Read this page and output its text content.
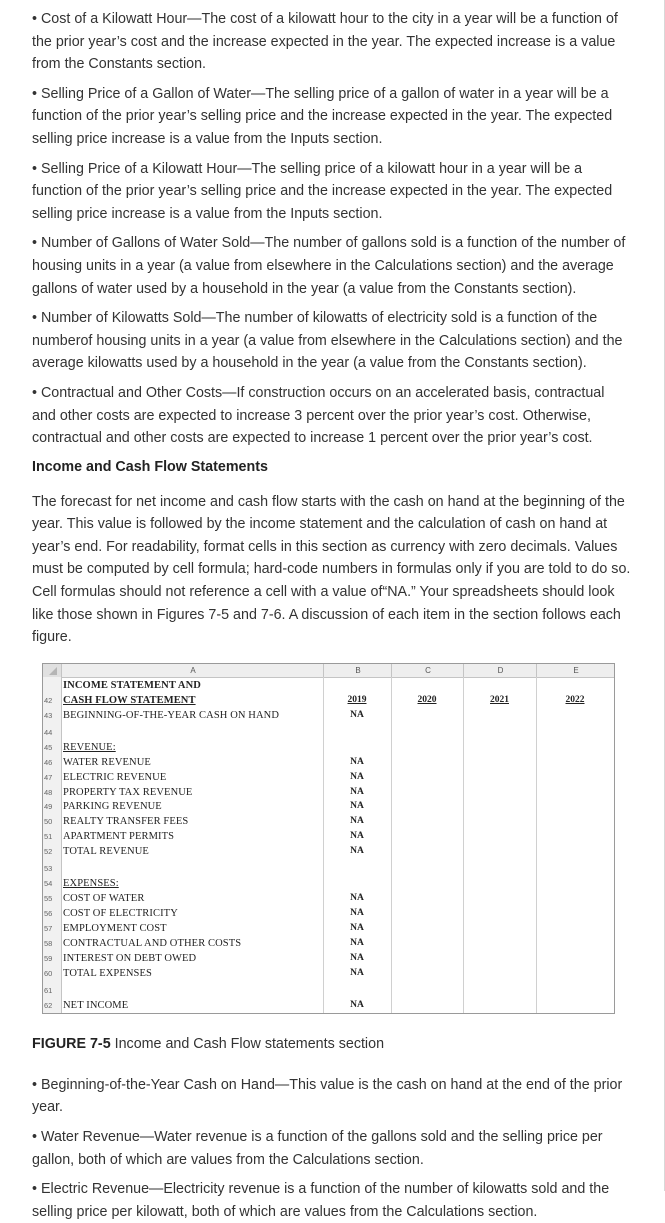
• Cost of a Kilowatt Hour—The cost of a kilowatt hour to the city in a year will be a function of the prior year’s cost and the increase expected in the year. The expected increase is a value from the Constants section.

• Selling Price of a Gallon of Water—The selling price of a gallon of water in a year will be a function of the prior year’s selling price and the increase expected in the year. The expected selling price increase is a value from the Inputs section.

• Selling Price of a Kilowatt Hour—The selling price of a kilowatt hour in a year will be a function of the prior year’s selling price and the increase expected in the year. The expected selling price increase is a value from the Inputs section.

• Number of Gallons of Water Sold—The number of gallons sold is a function of the number of housing units in a year (a value from elsewhere in the Calculations section) and the average gallons of water used by a household in the year (a value from the Constants section).

• Number of Kilowatts Sold—The number of kilowatts of electricity sold is a function of the numberof housing units in a year (a value from elsewhere in the Calculations section) and the average kilowatts used by a household in the year (a value from the Constants section).

• Contractual and Other Costs—If construction occurs on an accelerated basis, contractual and other costs are expected to increase 3 percent over the prior year’s cost. Otherwise, contractual and other costs are expected to increase 1 percent over the prior year’s cost.

Income and Cash Flow Statements

The forecast for net income and cash flow starts with the cash on hand at the beginning of the year. This value is followed by the income statement and the calculation of cash on hand at year’s end. For readability, format cells in this section as currency with zero decimals. Values must be computed by cell formula; hard-code numbers in formulas only if you are told to do so. Cell formulas should not reference a cell with a value of“NA.” Your spreadsheets should look like those shown in Figures 7-5 and 7-6. A discussion of each item in the section follows each figure.

A	B	C	D	E
INCOME STATEMENT AND
42	CASH FLOW STATEMENT	2019	2020	2021	2022
43	BEGINNING-OF-THE-YEAR CASH ON HAND	NA
44
45	REVENUE:
46	WATER REVENUE	NA
47	ELECTRIC REVENUE	NA
48	PROPERTY TAX REVENUE	NA
49	PARKING REVENUE	NA
50	REALTY TRANSFER FEES	NA
51	APARTMENT PERMITS	NA
52	TOTAL REVENUE	NA
53
54	EXPENSES:
55	COST OF WATER	NA
56	COST OF ELECTRICITY	NA
57	EMPLOYMENT COST	NA
58	CONTRACTUAL AND OTHER COSTS	NA
59	INTEREST ON DEBT OWED	NA
60	TOTAL EXPENSES	NA
61
62	NET INCOME	NA
FIGURE 7-5 Income and Cash Flow statements section

• Beginning-of-the-Year Cash on Hand—This value is the cash on hand at the end of the prior year.

• Water Revenue—Water revenue is a function of the gallons sold and the selling price per gallon, both of which are values from the Calculations section.

• Electric Revenue—Electricity revenue is a function of the number of kilowatts sold and the selling price per kilowatt, both of which are values from the Calculations section.
